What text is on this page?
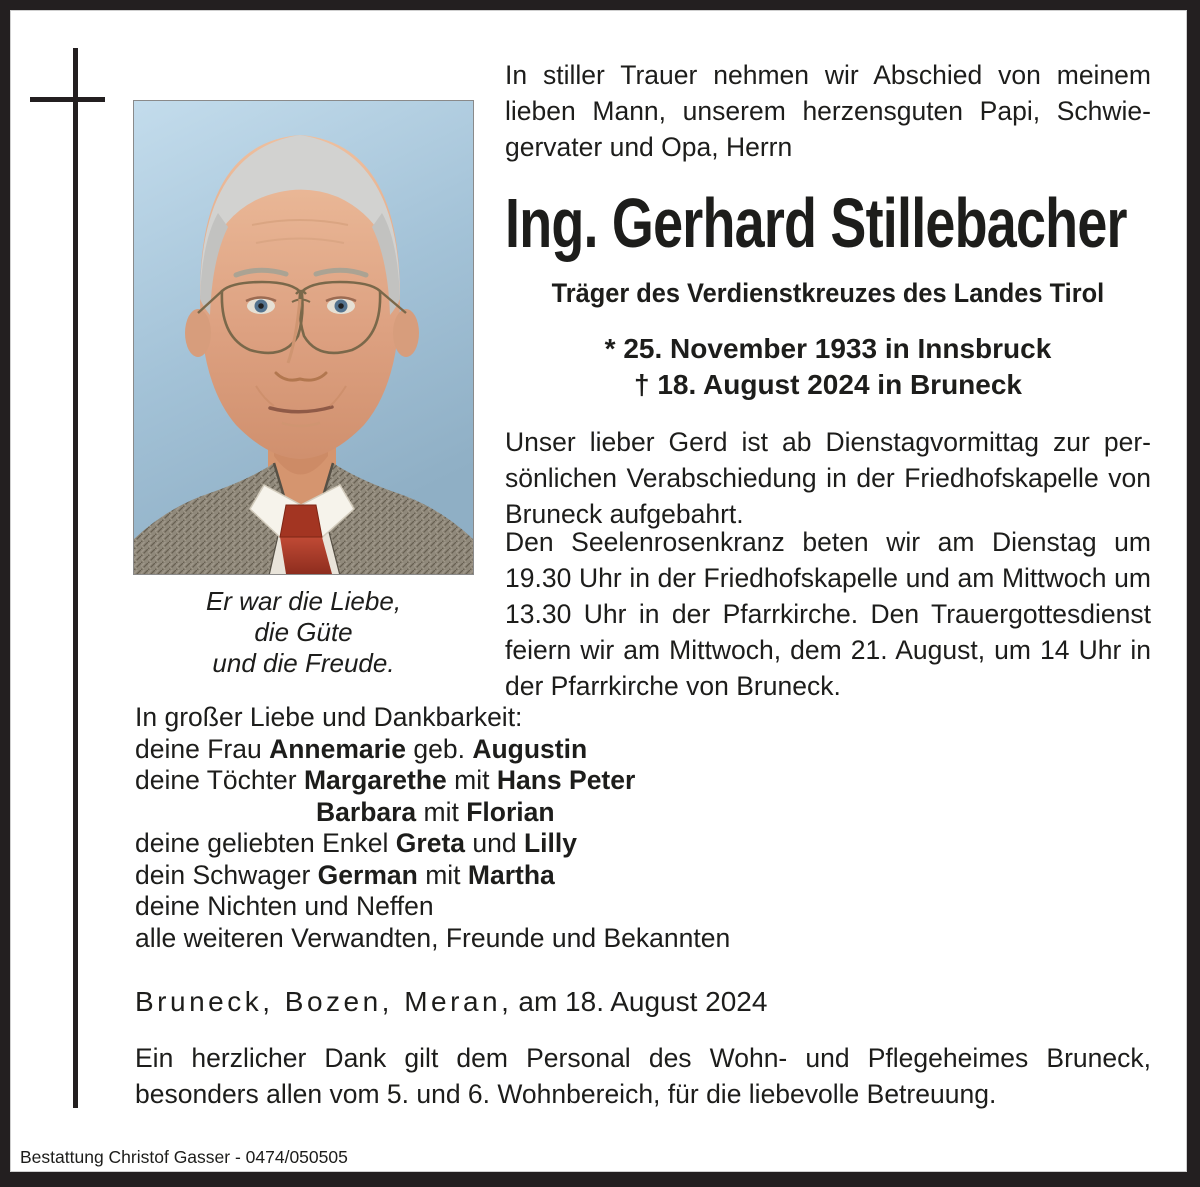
Er war die Liebe,
die Güte
und die Freude.
In stiller Trauer nehmen wir Abschied von meinem lieben Mann, unserem herzensguten Papi, Schwiegervater und Opa, Herrn
Ing. Gerhard Stillebacher
Träger des Verdienstkreuzes des Landes Tirol
* 25. November 1933 in Innsbruck
† 18. August 2024 in Bruneck
Unser lieber Gerd ist ab Dienstagvormittag zur persönlichen Verabschiedung in der Friedhofskapelle von Bruneck aufgebahrt.
Den Seelenrosenkranz beten wir am Dienstag um 19.30 Uhr in der Friedhofskapelle und am Mittwoch um 13.30 Uhr in der Pfarrkirche. Den Trauergottesdienst feiern wir am Mittwoch, dem 21. August, um 14 Uhr in der Pfarrkirche von Bruneck.
In großer Liebe und Dankbarkeit:
deine Frau Annemarie geb. Augustin
deine Töchter Margarethe mit Hans Peter
Barbara mit Florian
deine geliebten Enkel Greta und Lilly
dein Schwager German mit Martha
deine Nichten und Neffen
alle weiteren Verwandten, Freunde und Bekannten
Bruneck, Bozen, Meran, am 18. August 2024
Ein herzlicher Dank gilt dem Personal des Wohn- und Pflegeheimes Bruneck, besonders allen vom 5. und 6. Wohnbereich, für die liebevolle Betreuung.
Bestattung Christof Gasser - 0474/050505
